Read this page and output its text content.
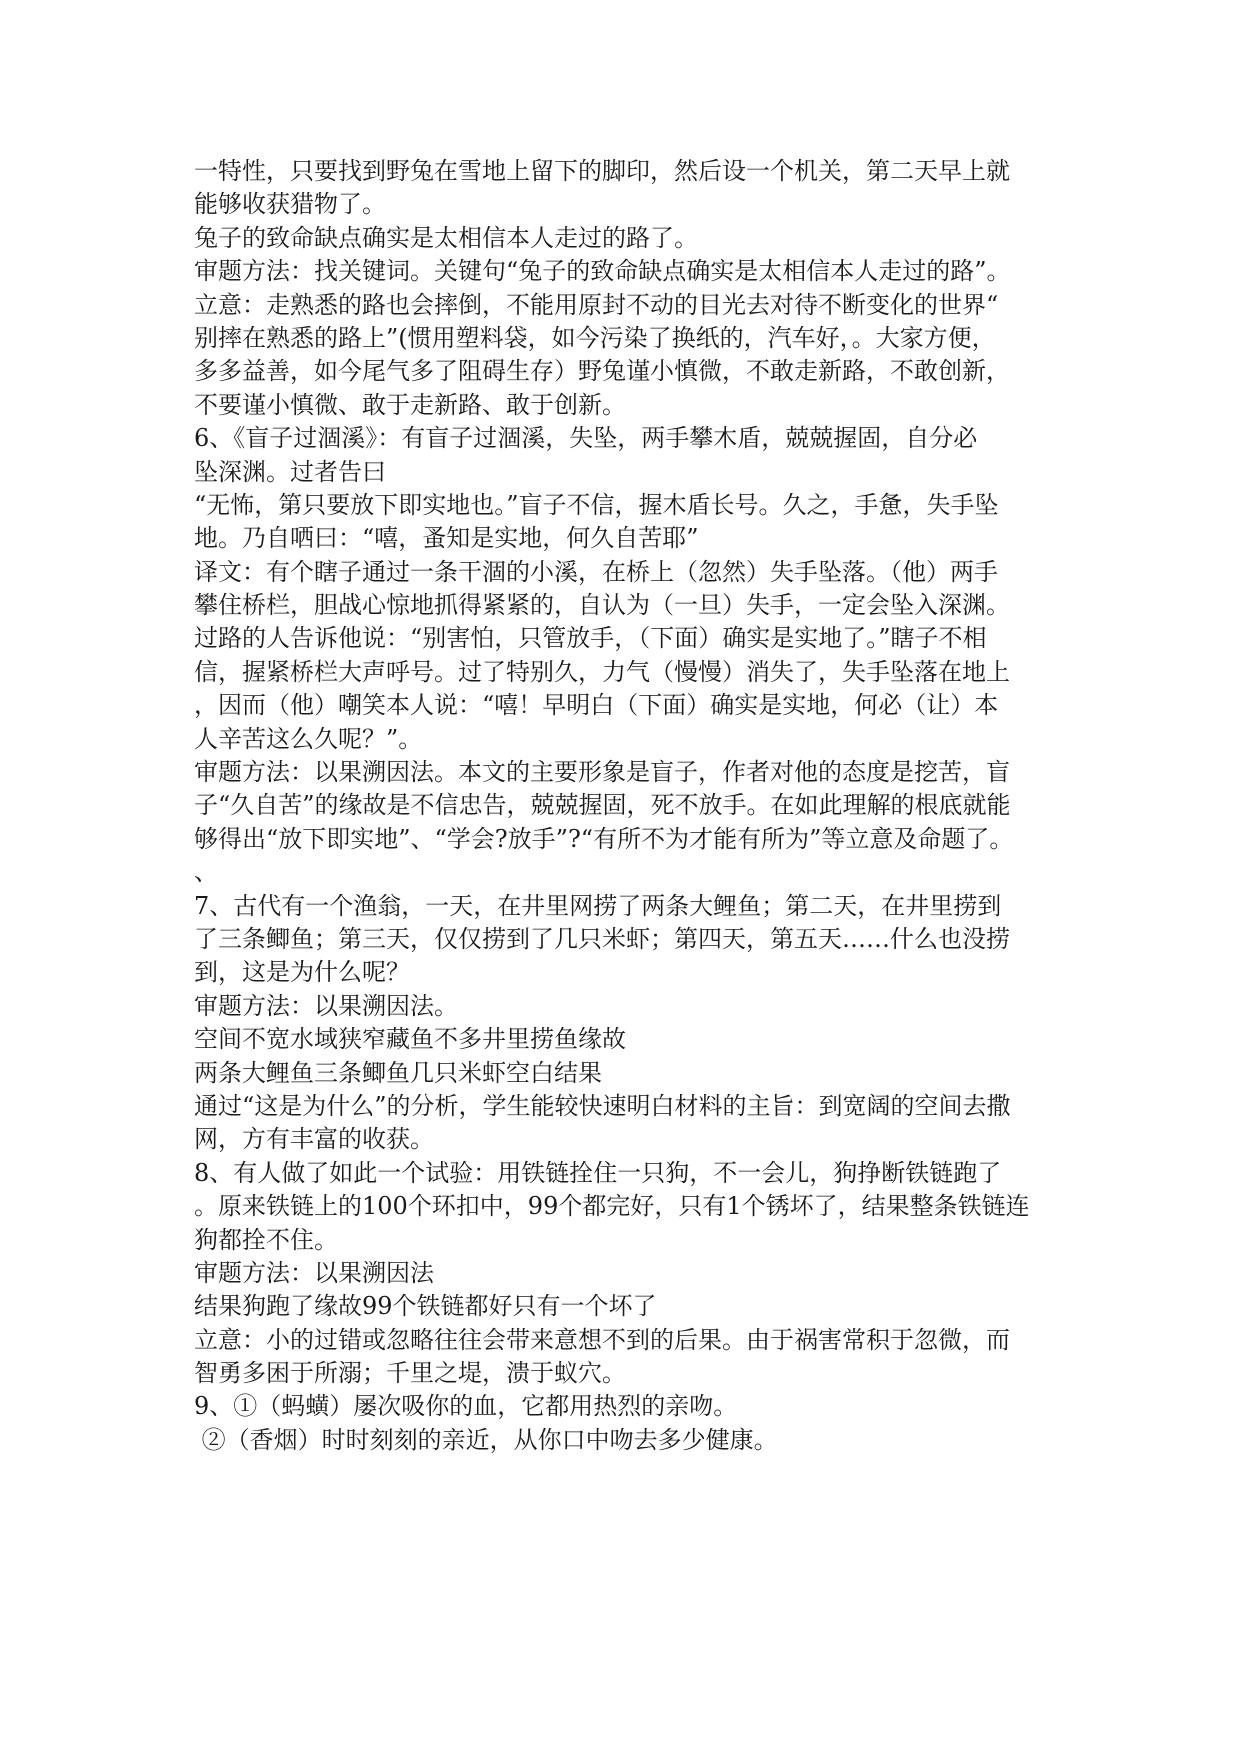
一特性，只要找到野兔在雪地上留下的脚印，然后设一个机关，第二天早上就
能够收获猎物了。
兔子的致命缺点确实是太相信本人走过的路了。
审题方法：找关键词。关键句“兔子的致命缺点确实是太相信本人走过的路”。
立意：走熟悉的路也会摔倒，不能用原封不动的目光去对待不断变化的世界“
别摔在熟悉的路上”(惯用塑料袋，如今污染了换纸的，汽车好，。大家方便，
多多益善，如今尾气多了阻碍生存）野兔谨小慎微，不敢走新路，不敢创新，
不要谨小慎微、敢于走新路、敢于创新。
6、《盲子过涸溪》：有盲子过涸溪，失坠，两手攀木盾，兢兢握固，自分必
坠深渊。过者告曰
“无怖，第只要放下即实地也。”盲子不信，握木盾长号。久之，手惫，失手坠
地。乃自哂曰：“嘻，蚤知是实地，何久自苦耶”
译文：有个瞎子通过一条干涸的小溪，在桥上（忽然）失手坠落。（他）两手
攀住桥栏，胆战心惊地抓得紧紧的，自认为（一旦）失手，一定会坠入深渊。
过路的人告诉他说：“别害怕，只管放手，（下面）确实是实地了。”瞎子不相
信，握紧桥栏大声呼号。过了特别久，力气（慢慢）消失了，失手坠落在地上
，因而（他）嘲笑本人说：“嘻！早明白（下面）确实是实地，何必（让）本
人辛苦这么久呢？”。
审题方法：以果溯因法。本文的主要形象是盲子，作者对他的态度是挖苦，盲
子“久自苦”的缘故是不信忠告，兢兢握固，死不放手。在如此理解的根底就能
够得出“放下即实地”、“学会?放手”?“有所不为才能有所为”等立意及命题了。
、
7、古代有一个渔翁，一天，在井里网捞了两条大鲤鱼；第二天，在井里捞到
了三条鲫鱼；第三天，仅仅捞到了几只米虾；第四天，第五天……什么也没捞
到，这是为什么呢？
审题方法：以果溯因法。
空间不宽水域狭窄藏鱼不多井里捞鱼缘故
两条大鲤鱼三条鲫鱼几只米虾空白结果
通过“这是为什么”的分析，学生能较快速明白材料的主旨：到宽阔的空间去撒
网，方有丰富的收获。
8、有人做了如此一个试验：用铁链拴住一只狗，不一会儿，狗挣断铁链跑了
。原来铁链上的100个环扣中，99个都完好，只有1个锈坏了，结果整条铁链连
狗都拴不住。
审题方法：以果溯因法
结果狗跑了缘故99个铁链都好只有一个坏了
立意：小的过错或忽略往往会带来意想不到的后果。由于祸害常积于忽微，而
智勇多困于所溺；千里之堤，溃于蚁穴。
9、①（蚂蟥）屡次吸你的血，它都用热烈的亲吻。
②（香烟）时时刻刻的亲近，从你口中吻去多少健康。
